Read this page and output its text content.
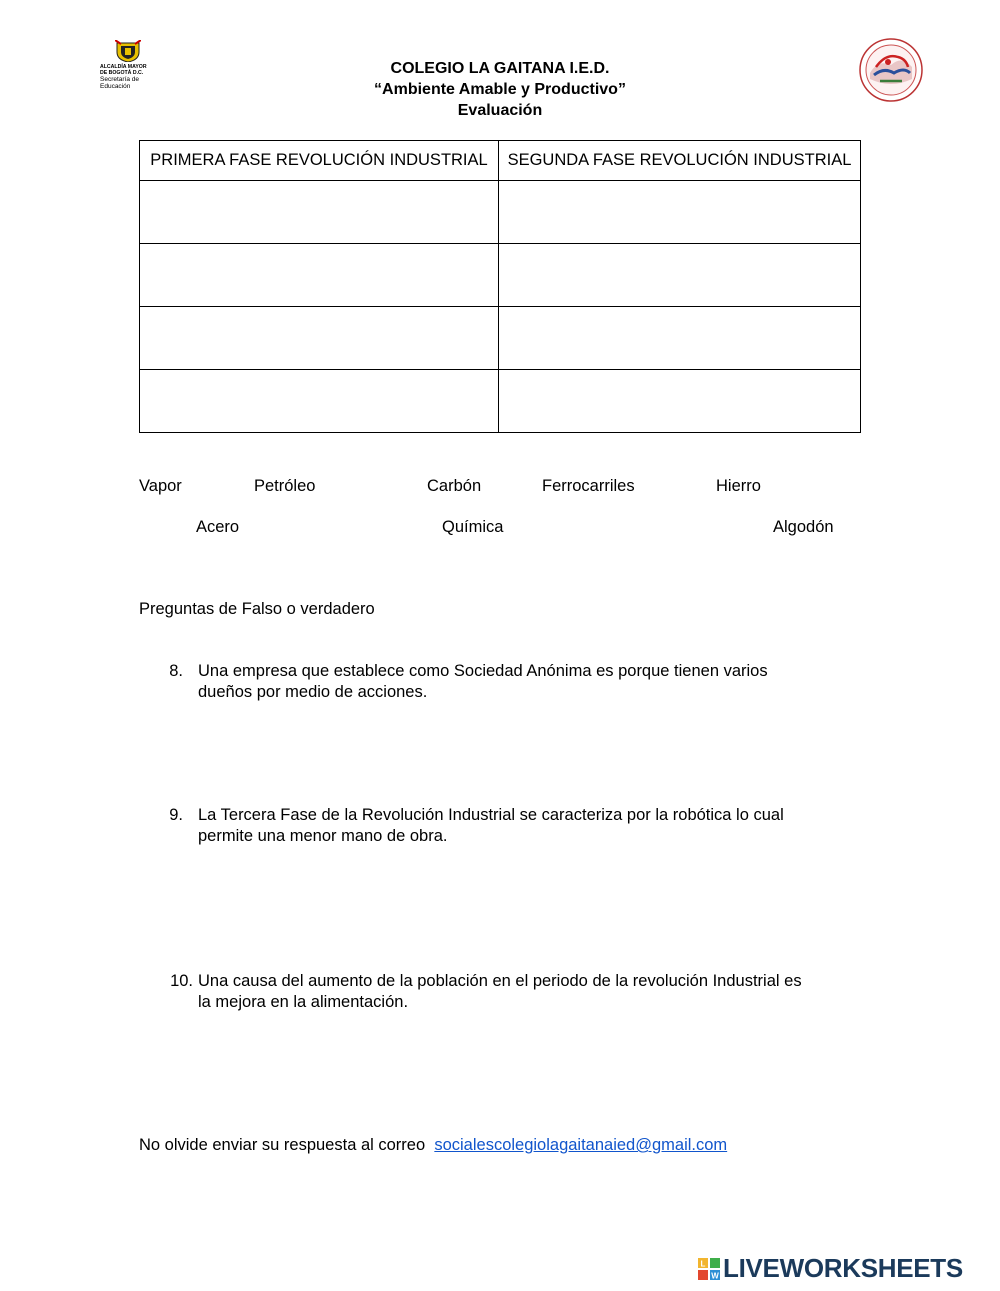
ALCALDÍA MAYOR
DE BOGOTÁ D.C.
Secretaría de
Educación
COLEGIO LA GAITANA I.E.D.
“Ambiente Amable y Productivo”
Evaluación
PRIMERA FASE REVOLUCIÓN INDUSTRIAL	SEGUNDA FASE REVOLUCIÓN INDUSTRIAL

Vapor	Petróleo	Carbón	Ferrocarriles	Hierro
Acero	Química	Algodón
Preguntas de Falso o verdadero
8. Una empresa que establece como Sociedad Anónima es porque tienen varios
dueños por medio de acciones.
9. La Tercera Fase de la Revolución Industrial se caracteriza por la robótica lo cual
permite una menor mano de obra.
10. Una causa del aumento de la población en el periodo de la revolución Industrial es
la mejora en la alimentación.
No olvide enviar su respuesta al correo socialescolegiolagaitanaied@gmail.com
L
W LIVEWORKSHEETS
